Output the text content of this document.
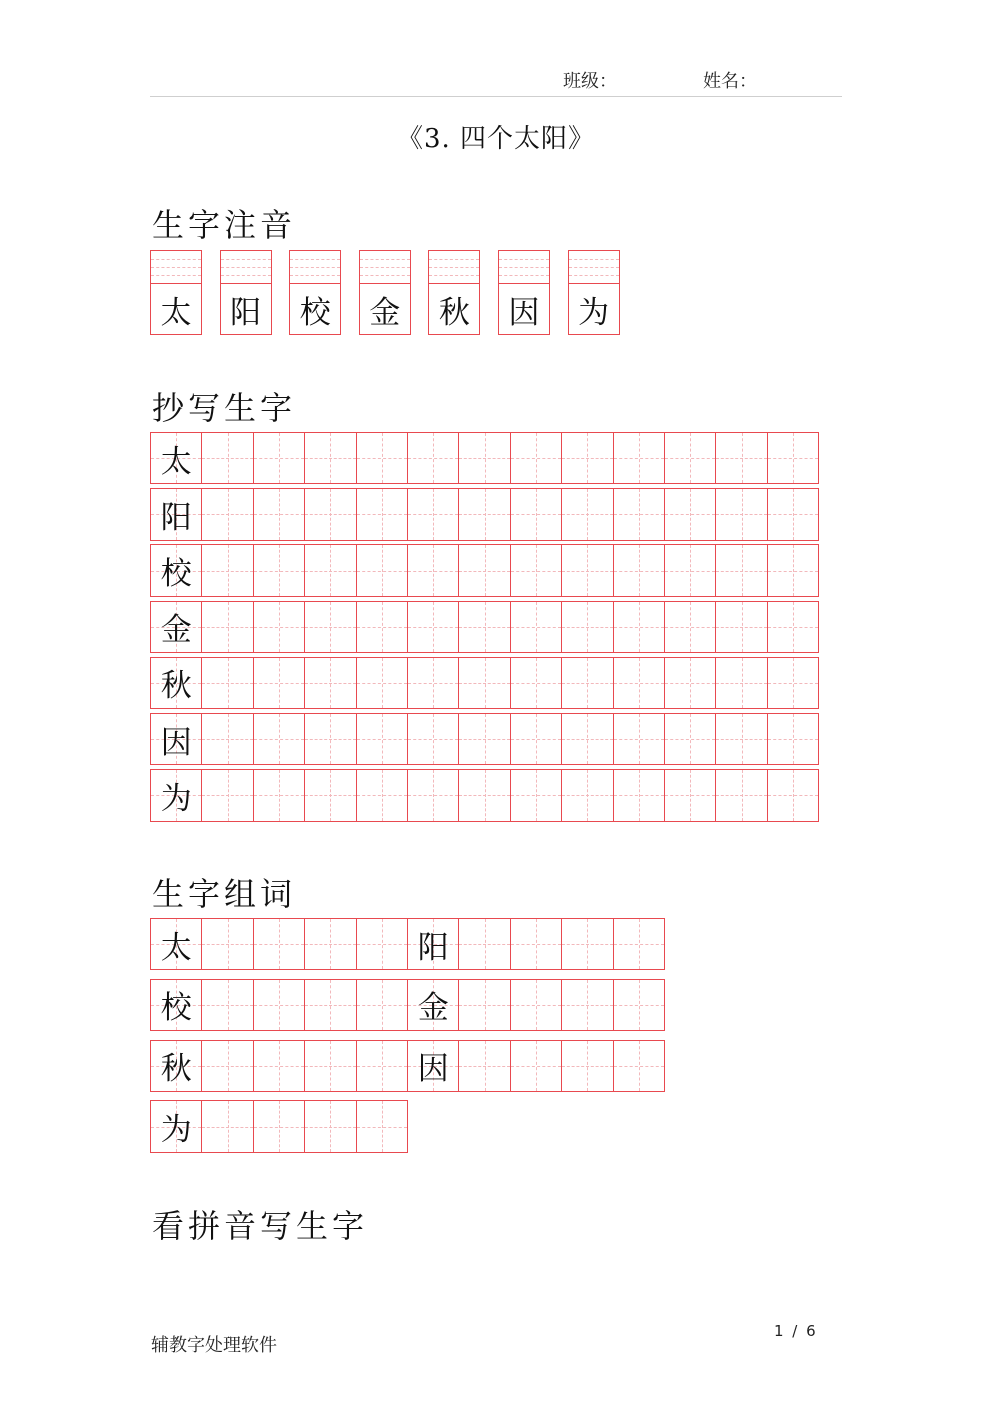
班级：	姓名：
《3. 四个太阳》
生字注音
太	阳	校	金	秋	因	为
抄写生字
太
阳
校
金
秋
因
为
生字组词
太	阳
校	金
秋	因
为
看拼音写生字
辅教字处理软件
1 / 6
